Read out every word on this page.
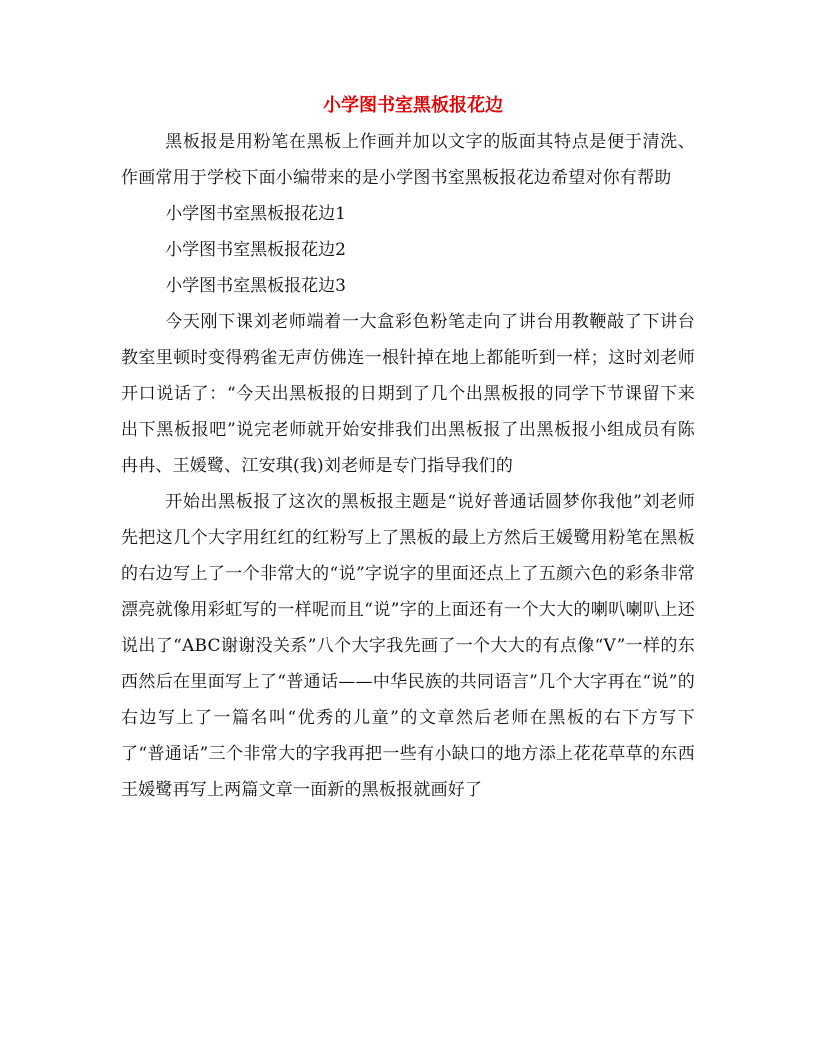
小学图书室黑板报花边

黑板报是用粉笔在黑板上作画并加以文字的版面其特点是便于清洗、作画常用于学校下面小编带来的是小学图书室黑板报花边希望对你有帮助

小学图书室黑板报花边1

小学图书室黑板报花边2

小学图书室黑板报花边3

今天刚下课刘老师端着一大盒彩色粉笔走向了讲台用教鞭敲了下讲台教室里顿时变得鸦雀无声仿佛连一根针掉在地上都能听到一样；这时刘老师开口说话了：“今天出黑板报的日期到了几个出黑板报的同学下节课留下来出下黑板报吧”说完老师就开始安排我们出黑板报了出黑板报小组成员有陈冉冉、王媛鹭、江安琪(我)刘老师是专门指导我们的

开始出黑板报了这次的黑板报主题是“说好普通话圆梦你我他”刘老师先把这几个大字用红红的红粉写上了黑板的最上方然后王媛鹭用粉笔在黑板的右边写上了一个非常大的“说”字说字的里面还点上了五颜六色的彩条非常漂亮就像用彩虹写的一样呢而且“说”字的上面还有一个大大的喇叭喇叭上还说出了“ABC谢谢没关系”八个大字我先画了一个大大的有点像“V”一样的东西然后在里面写上了“普通话——中华民族的共同语言”几个大字再在“说”的右边写上了一篇名叫“优秀的儿童”的文章然后老师在黑板的右下方写下了“普通话”三个非常大的字我再把一些有小缺口的地方添上花花草草的东西王媛鹭再写上两篇文章一面新的黑板报就画好了
